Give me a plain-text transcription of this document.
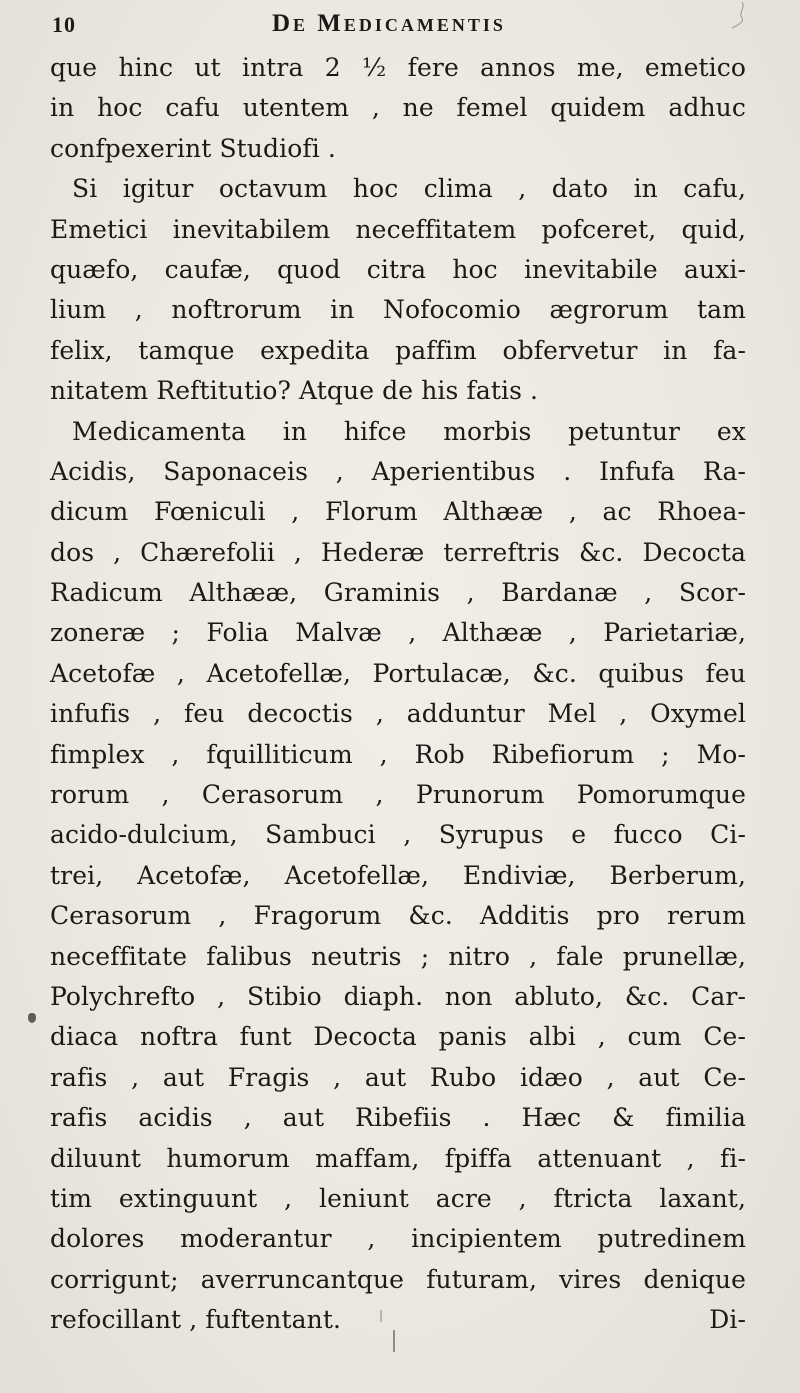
10	De Medicamentis
que hinc ut intra 2 ½ fere annos me, emetico
in hoc cafu utentem , ne femel quidem adhuc
confpexerint Studiofi .
Si igitur octavum hoc clima , dato in cafu,
Emetici inevitabilem neceffitatem pofceret, quid,
quæfo, caufæ, quod citra hoc inevitabile auxi-
lium , noftrorum in Nofocomio ægrorum tam
felix, tamque expedita paffim obfervetur in fa-
nitatem Reftitutio? Atque de his fatis .
Medicamenta in hifce morbis petuntur ex
Acidis, Saponaceis , Aperientibus . Infufa Ra-
dicum Fœniculi , Florum Althææ , ac Rhoea-
dos , Chærefolii , Hederæ terreftris &c. Decocta
Radicum Althææ, Graminis , Bardanæ , Scor-
zoneræ ; Folia Malvæ , Althææ , Parietariæ,
Acetofæ , Acetofellæ, Portulacæ, &c. quibus feu
infufis , feu decoctis , adduntur Mel , Oxymel
fimplex , fquilliticum , Rob Ribefiorum ; Mo-
rorum , Cerasorum , Prunorum Pomorumque
acido-dulcium, Sambuci , Syrupus e fucco Ci-
trei, Acetofæ, Acetofellæ, Endiviæ, Berberum,
Cerasorum , Fragorum &c. Additis pro rerum
neceffitate falibus neutris ; nitro , fale prunellæ,
Polychrefto , Stibio diaph. non abluto, &c. Car-
diaca noftra funt Decocta panis albi , cum Ce-
rafis , aut Fragis , aut Rubo idæo , aut Ce-
rafis acidis , aut Ribefiis . Hæc & fimilia
diluunt humorum maffam, fpiffa attenuant , fi-
tim extinguunt , leniunt acre , ftricta laxant,
dolores moderantur , incipientem putredinem
corrigunt; averruncantque futuram, vires denique
refocillant , fuftentant.	Di-
